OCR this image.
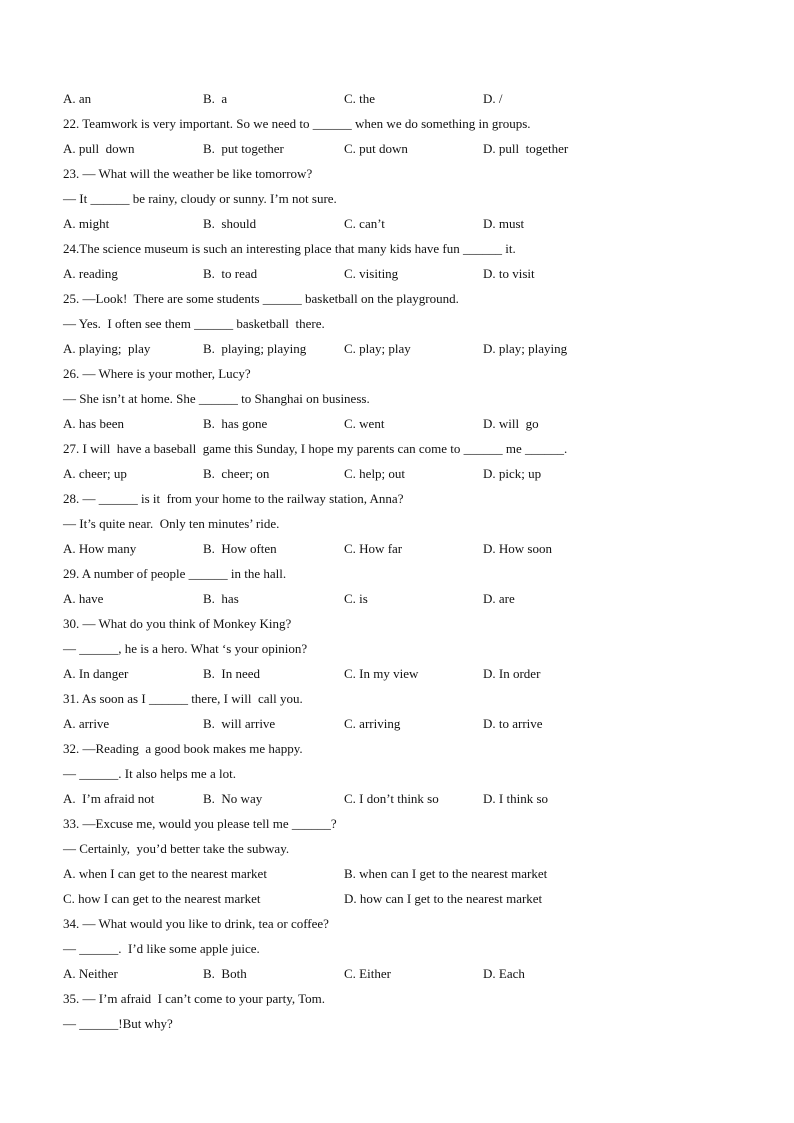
A. an	B.  a	C. the	D. /
22. Teamwork is very important. So we need to ______ when we do something in groups.
A. pull  down	B.  put together	C. put down	D. pull  together
23. — What will the weather be like tomorrow?
— It ______ be rainy, cloudy or sunny. I’m not sure.
A. might	B.  should	C. can’t	D. must
24.The science museum is such an interesting place that many kids have fun ______ it.
A. reading	B.  to read	C. visiting	D. to visit
25. —Look!  There are some students ______ basketball on the playground.
— Yes.  I often see them ______ basketball  there.
A. playing;  play	B.  playing; playing	C. play; play	D. play; playing
26. — Where is your mother, Lucy?
— She isn’t at home. She ______ to Shanghai on business.
A. has been	B.  has gone	C. went	D. will  go
27. I will  have a baseball  game this Sunday, I hope my parents can come to ______ me ______.
A. cheer; up	B.  cheer; on	C. help; out	D. pick; up
28. — ______ is it  from your home to the railway station, Anna?
— It’s quite near.  Only ten minutes’ ride.
A. How many	B.  How often	C. How far	D. How soon
29. A number of people ______ in the hall.
A. have	B.  has	C. is	D. are
30. — What do you think of Monkey King?
— ______, he is a hero. What ‘s your opinion?
A. In danger	B.  In need	C. In my view	D. In order
31. As soon as I ______ there, I will  call you.
A. arrive	B.  will arrive	C. arriving	D. to arrive
32. —Reading  a good book makes me happy.
— ______. It also helps me a lot.
A.  I’m afraid not	B.  No way	C. I don’t think so	D. I think so
33. —Excuse me, would you please tell me ______?
— Certainly,  you’d better take the subway.
A. when I can get to the nearest market	B. when can I get to the nearest market
C. how I can get to the nearest market	D. how can I get to the nearest market
34. — What would you like to drink, tea or coffee?
— ______.  I’d like some apple juice.
A. Neither	B.  Both	C. Either	D. Each
35. — I’m afraid  I can’t come to your party, Tom.
— ______!But why?
